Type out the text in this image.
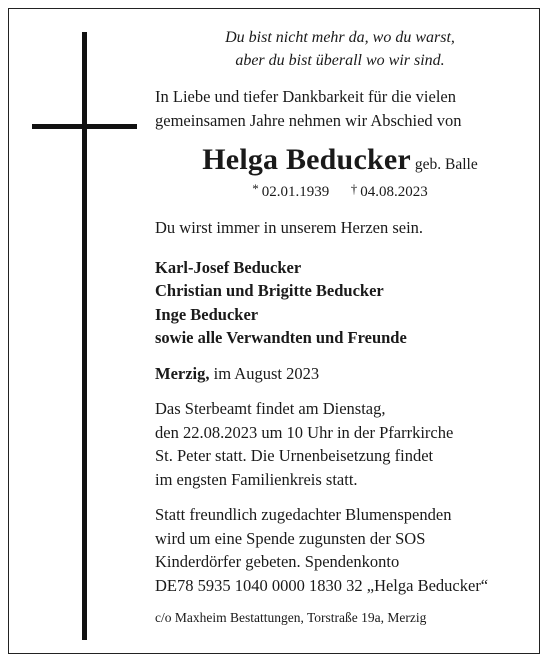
Du bist nicht mehr da, wo du warst,
aber du bist überall wo wir sind.
In Liebe und tiefer Dankbarkeit für die vielen
gemeinsamen Jahre nehmen wir Abschied von
Helga Beducker geb. Balle
* 02.01.1939 † 04.08.2023
Du wirst immer in unserem Herzen sein.
Karl-Josef Beducker
Christian und Brigitte Beducker
Inge Beducker
sowie alle Verwandten und Freunde
Merzig, im August 2023
Das Sterbeamt findet am Dienstag,
den 22.08.2023 um 10 Uhr in der Pfarrkirche
St. Peter statt. Die Urnenbeisetzung findet
im engsten Familienkreis statt.
Statt freundlich zugedachter Blumenspenden
wird um eine Spende zugunsten der SOS
Kinderdörfer gebeten. Spendenkonto
DE78 5935 1040 0000 1830 32 „Helga Beducker“
c/o Maxheim Bestattungen, Torstraße 19a, Merzig
